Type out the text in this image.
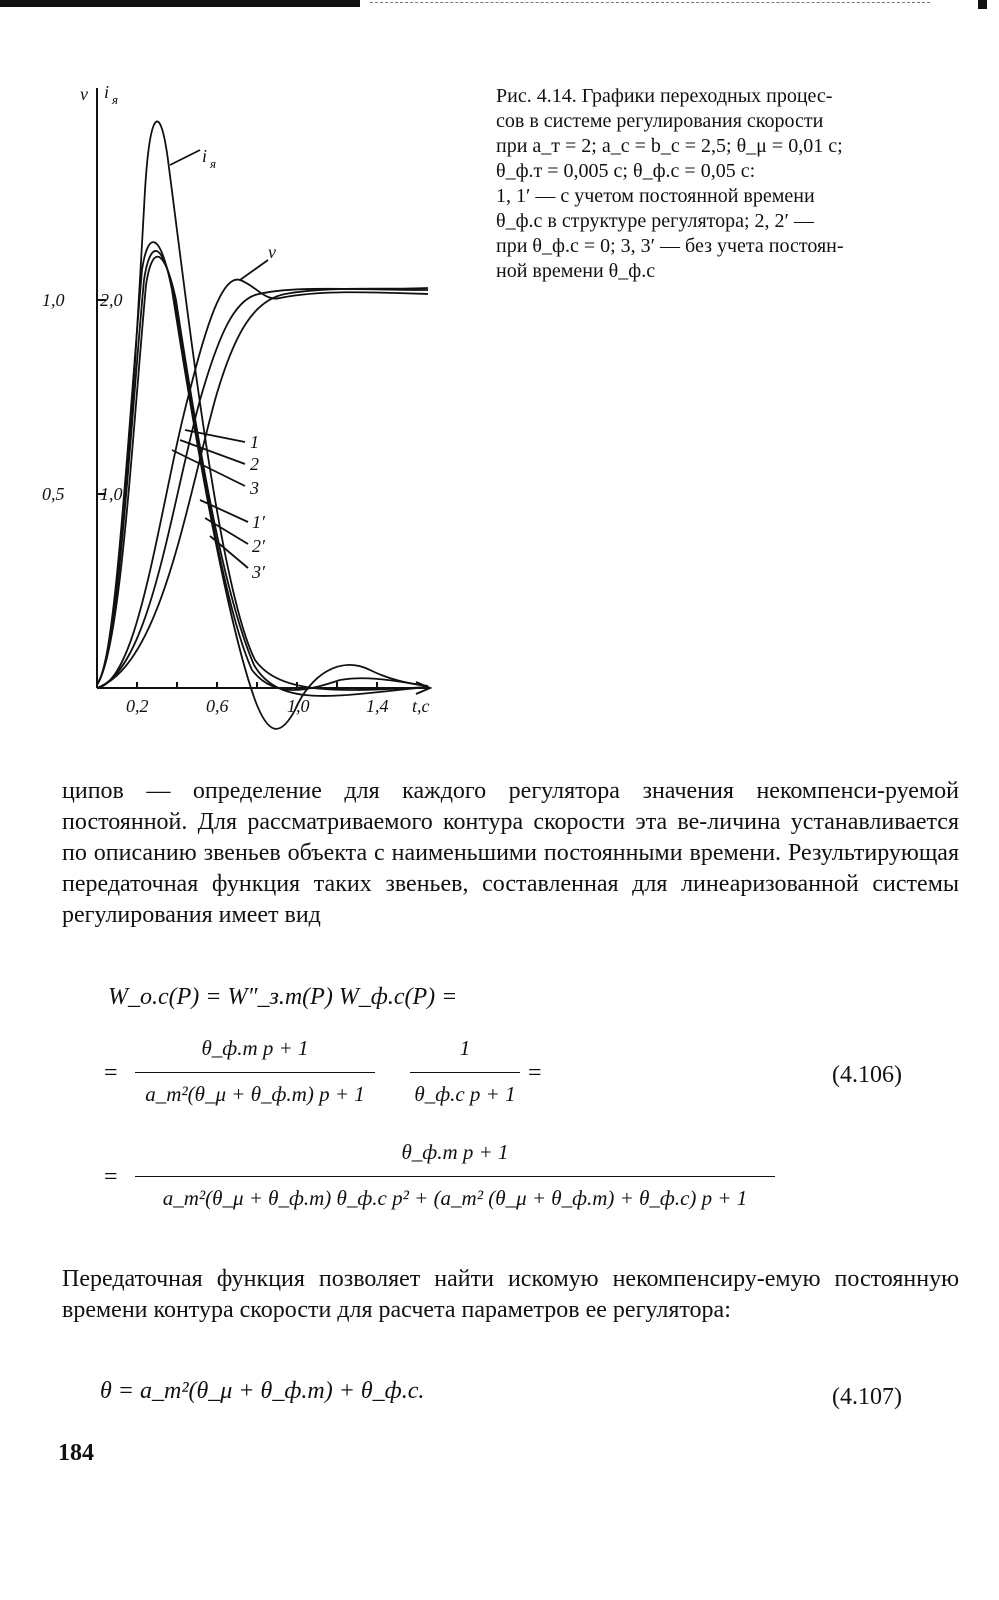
v i я
1,0 2,0
0,5 1,0
0,2	0,6	1,0	1,4 t,c
i я
v
1
2
3
1′
2′
3′
Рис. 4.14. Графики переходных процес-
сов в системе регулирования скорости
при a_т = 2; a_с = b_с = 2,5; θ_μ = 0,01 с;
θ_ф.т = 0,005 с; θ_ф.с = 0,05 с:
1, 1′ — с учетом постоянной времени
θ_ф.с в структуре регулятора; 2, 2′ —
при θ_ф.с = 0; 3, 3′ — без учета постоян-
ной времени θ_ф.с
ципов — определение для каждого регулятора значения некомпенси-руемой постоянной. Для рассматриваемого контура скорости эта ве-личина устанавливается по описанию звеньев объекта с наименьшими постоянными времени. Результирующая передаточная функция таких звеньев, составленная для линеаризованной системы регулирования имеет вид
W_о.с(P) = W″_з.т(P) W_ф.с(P) =
=
θ_ф.т p + 1
a_т²(θ_μ + θ_ф.т) p + 1
1
θ_ф.с p + 1
=	(4.106)
=
θ_ф.т p + 1
a_т²(θ_μ + θ_ф.т) θ_ф.с p² + (a_т² (θ_μ + θ_ф.т) + θ_ф.с) p + 1
Передаточная функция позволяет найти искомую некомпенсиру-емую постоянную времени контура скорости для расчета параметров ее регулятора:
θ = a_т²(θ_μ + θ_ф.т) + θ_ф.с.	(4.107)
184
